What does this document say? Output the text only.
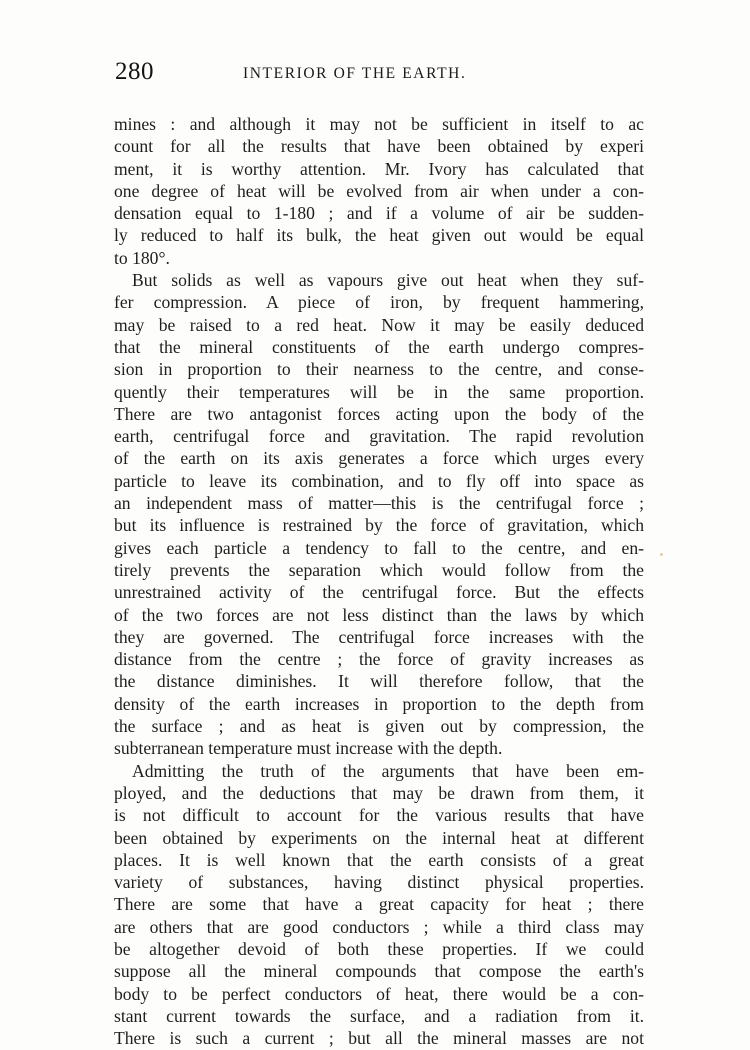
280	INTERIOR OF THE EARTH.
mines : and although it may not be sufficient in itself to ac
count for all the results that have been obtained by experi
ment, it is worthy attention. Mr. Ivory has calculated that
one degree of heat will be evolved from air when under a con-
densation equal to 1-180 ; and if a volume of air be sudden-
ly reduced to half its bulk, the heat given out would be equal
to 180°.
But solids as well as vapours give out heat when they suf-
fer compression. A piece of iron, by frequent hammering,
may be raised to a red heat. Now it may be easily deduced
that the mineral constituents of the earth undergo compres-
sion in proportion to their nearness to the centre, and conse-
quently their temperatures will be in the same proportion.
There are two antagonist forces acting upon the body of the
earth, centrifugal force and gravitation. The rapid revolution
of the earth on its axis generates a force which urges every
particle to leave its combination, and to fly off into space as
an independent mass of matter—this is the centrifugal force ;
but its influence is restrained by the force of gravitation, which
gives each particle a tendency to fall to the centre, and en-
tirely prevents the separation which would follow from the
unrestrained activity of the centrifugal force. But the effects
of the two forces are not less distinct than the laws by which
they are governed. The centrifugal force increases with the
distance from the centre ; the force of gravity increases as
the distance diminishes. It will therefore follow, that the
density of the earth increases in proportion to the depth from
the surface ; and as heat is given out by compression, the
subterranean temperature must increase with the depth.
Admitting the truth of the arguments that have been em-
ployed, and the deductions that may be drawn from them, it
is not difficult to account for the various results that have
been obtained by experiments on the internal heat at different
places. It is well known that the earth consists of a great
variety of substances, having distinct physical properties.
There are some that have a great capacity for heat ; there
are others that are good conductors ; while a third class may
be altogether devoid of both these properties. If we could
suppose all the mineral compounds that compose the earth's
body to be perfect conductors of heat, there would be a con-
stant current towards the surface, and a radiation from it.
There is such a current ; but all the mineral masses are not
